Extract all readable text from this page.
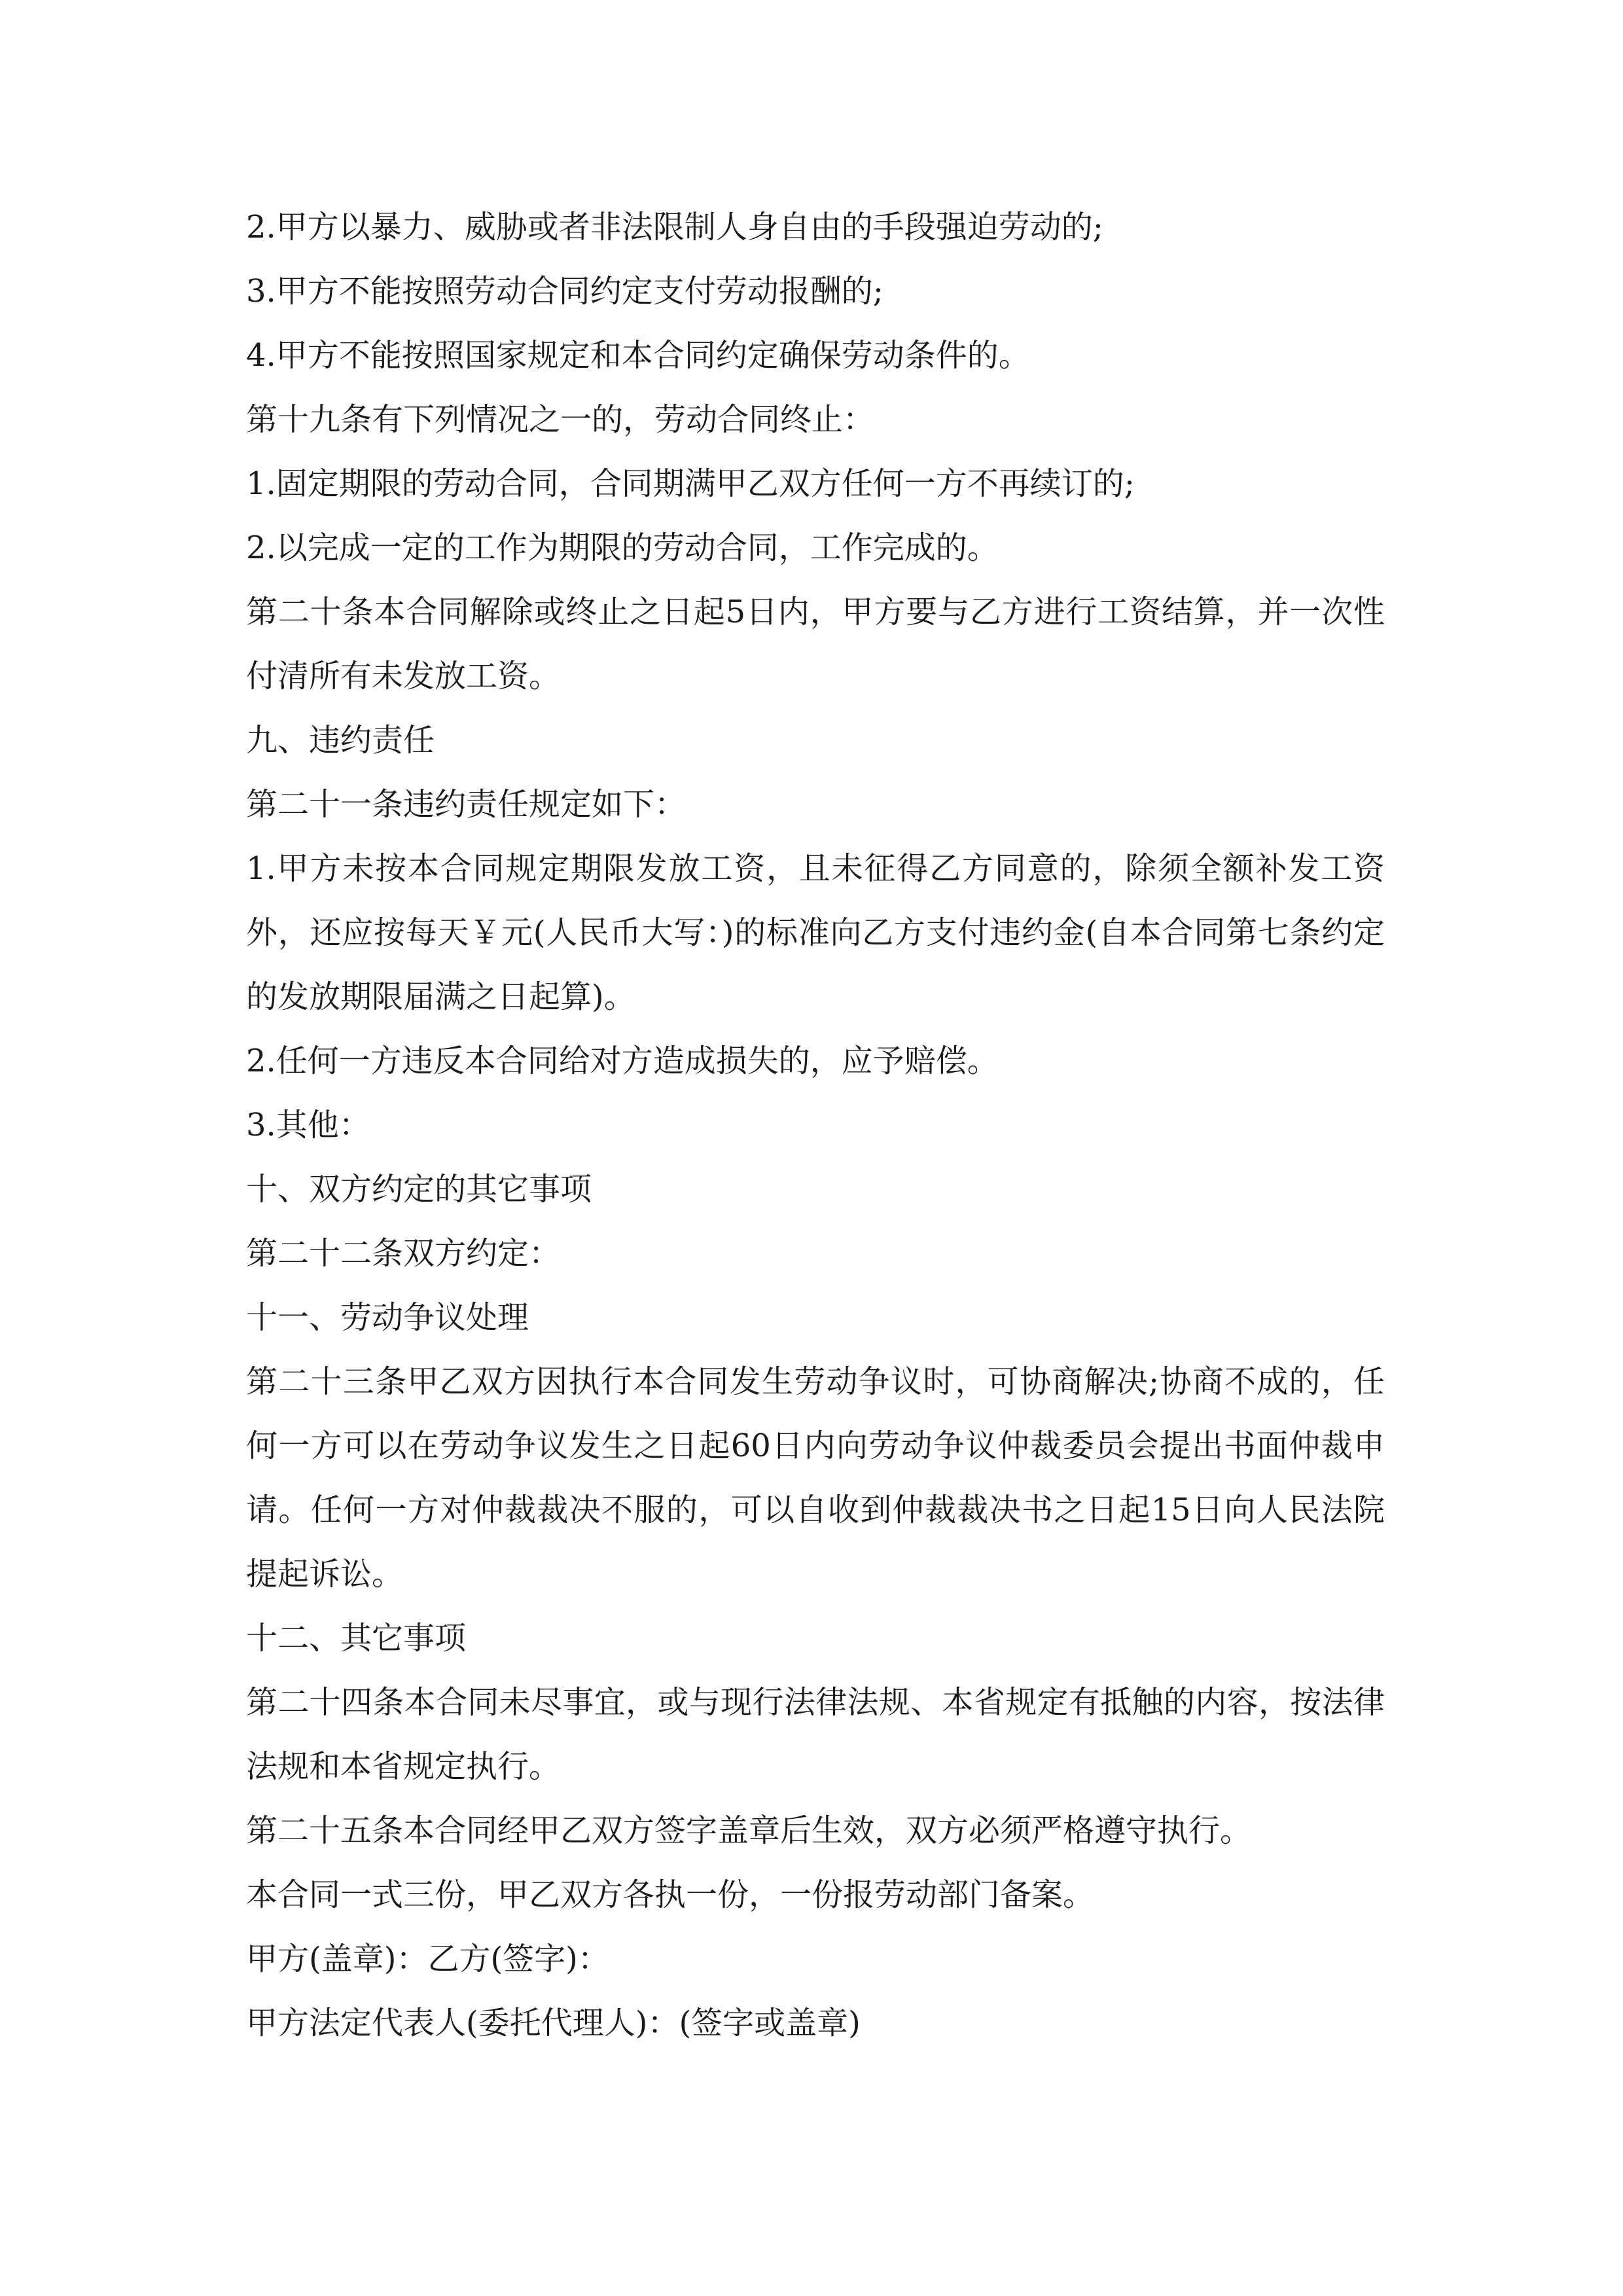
2.甲方以暴力、威胁或者非法限制人身自由的手段强迫劳动的;

3.甲方不能按照劳动合同约定支付劳动报酬的;

4.甲方不能按照国家规定和本合同约定确保劳动条件的。

第十九条有下列情况之一的，劳动合同终止：

1.固定期限的劳动合同，合同期满甲乙双方任何一方不再续订的;

2.以完成一定的工作为期限的劳动合同，工作完成的。

第二十条本合同解除或终止之日起5日内，甲方要与乙方进行工资结算，并一次性付清所有未发放工资。

九、违约责任

第二十一条违约责任规定如下：

1.甲方未按本合同规定期限发放工资，且未征得乙方同意的，除须全额补发工资外，还应按每天￥元(人民币大写：)的标准向乙方支付违约金(自本合同第七条约定的发放期限届满之日起算)。

2.任何一方违反本合同给对方造成损失的，应予赔偿。

3.其他：

十、双方约定的其它事项

第二十二条双方约定：

十一、劳动争议处理

第二十三条甲乙双方因执行本合同发生劳动争议时，可协商解决;协商不成的，任何一方可以在劳动争议发生之日起60日内向劳动争议仲裁委员会提出书面仲裁申请。任何一方对仲裁裁决不服的，可以自收到仲裁裁决书之日起15日向人民法院提起诉讼。

十二、其它事项

第二十四条本合同未尽事宜，或与现行法律法规、本省规定有抵触的内容，按法律法规和本省规定执行。

第二十五条本合同经甲乙双方签字盖章后生效，双方必须严格遵守执行。

本合同一式三份，甲乙双方各执一份，一份报劳动部门备案。

甲方(盖章)：乙方(签字)：

甲方法定代表人(委托代理人)：(签字或盖章)
